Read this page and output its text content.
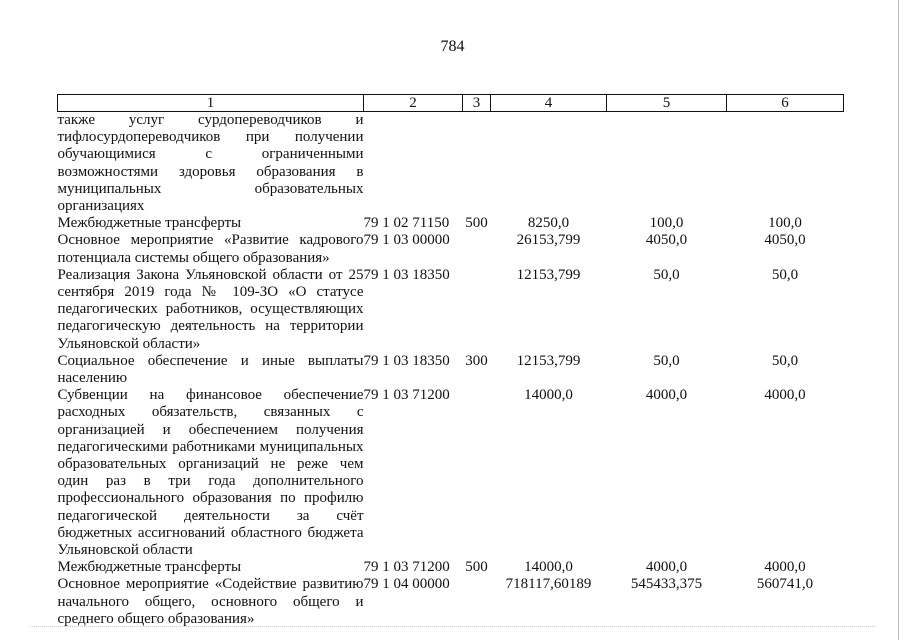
784
1	2	3	4	5	6
также услуг сурдопереводчиков и тифлосурдопереводчиков при получении обучающимися с ограниченными возможностями здоровья образования в муниципальных образовательных организациях					
Межбюджетные трансферты	79 1 02 71150	500	8250,0	100,0	100,0
Основное мероприятие «Развитие кадрового потенциала системы общего образования»	79 1 03 00000		26153,799	4050,0	4050,0
Реализация Закона Ульяновской области от 25 сентября 2019 года № 109-ЗО «О статусе педагогических работников, осуществляющих педагогическую деятельность на территории Ульяновской области»	79 1 03 18350		12153,799	50,0	50,0
Социальное обеспечение и иные выплаты населению	79 1 03 18350	300	12153,799	50,0	50,0
Субвенции на финансовое обеспечение расходных обязательств, связанных с организацией и обеспечением получения педагогическими работниками муниципальных образовательных организаций не реже чем один раз в три года дополнительного профессионального образования по профилю педагогической деятельности за счёт бюджетных ассигнований областного бюджета Ульяновской области	79 1 03 71200		14000,0	4000,0	4000,0
Межбюджетные трансферты	79 1 03 71200	500	14000,0	4000,0	4000,0
Основное мероприятие «Содействие развитию начального общего, основного общего и среднего общего образования»	79 1 04 00000		718117,60189	545433,375	560741,0
